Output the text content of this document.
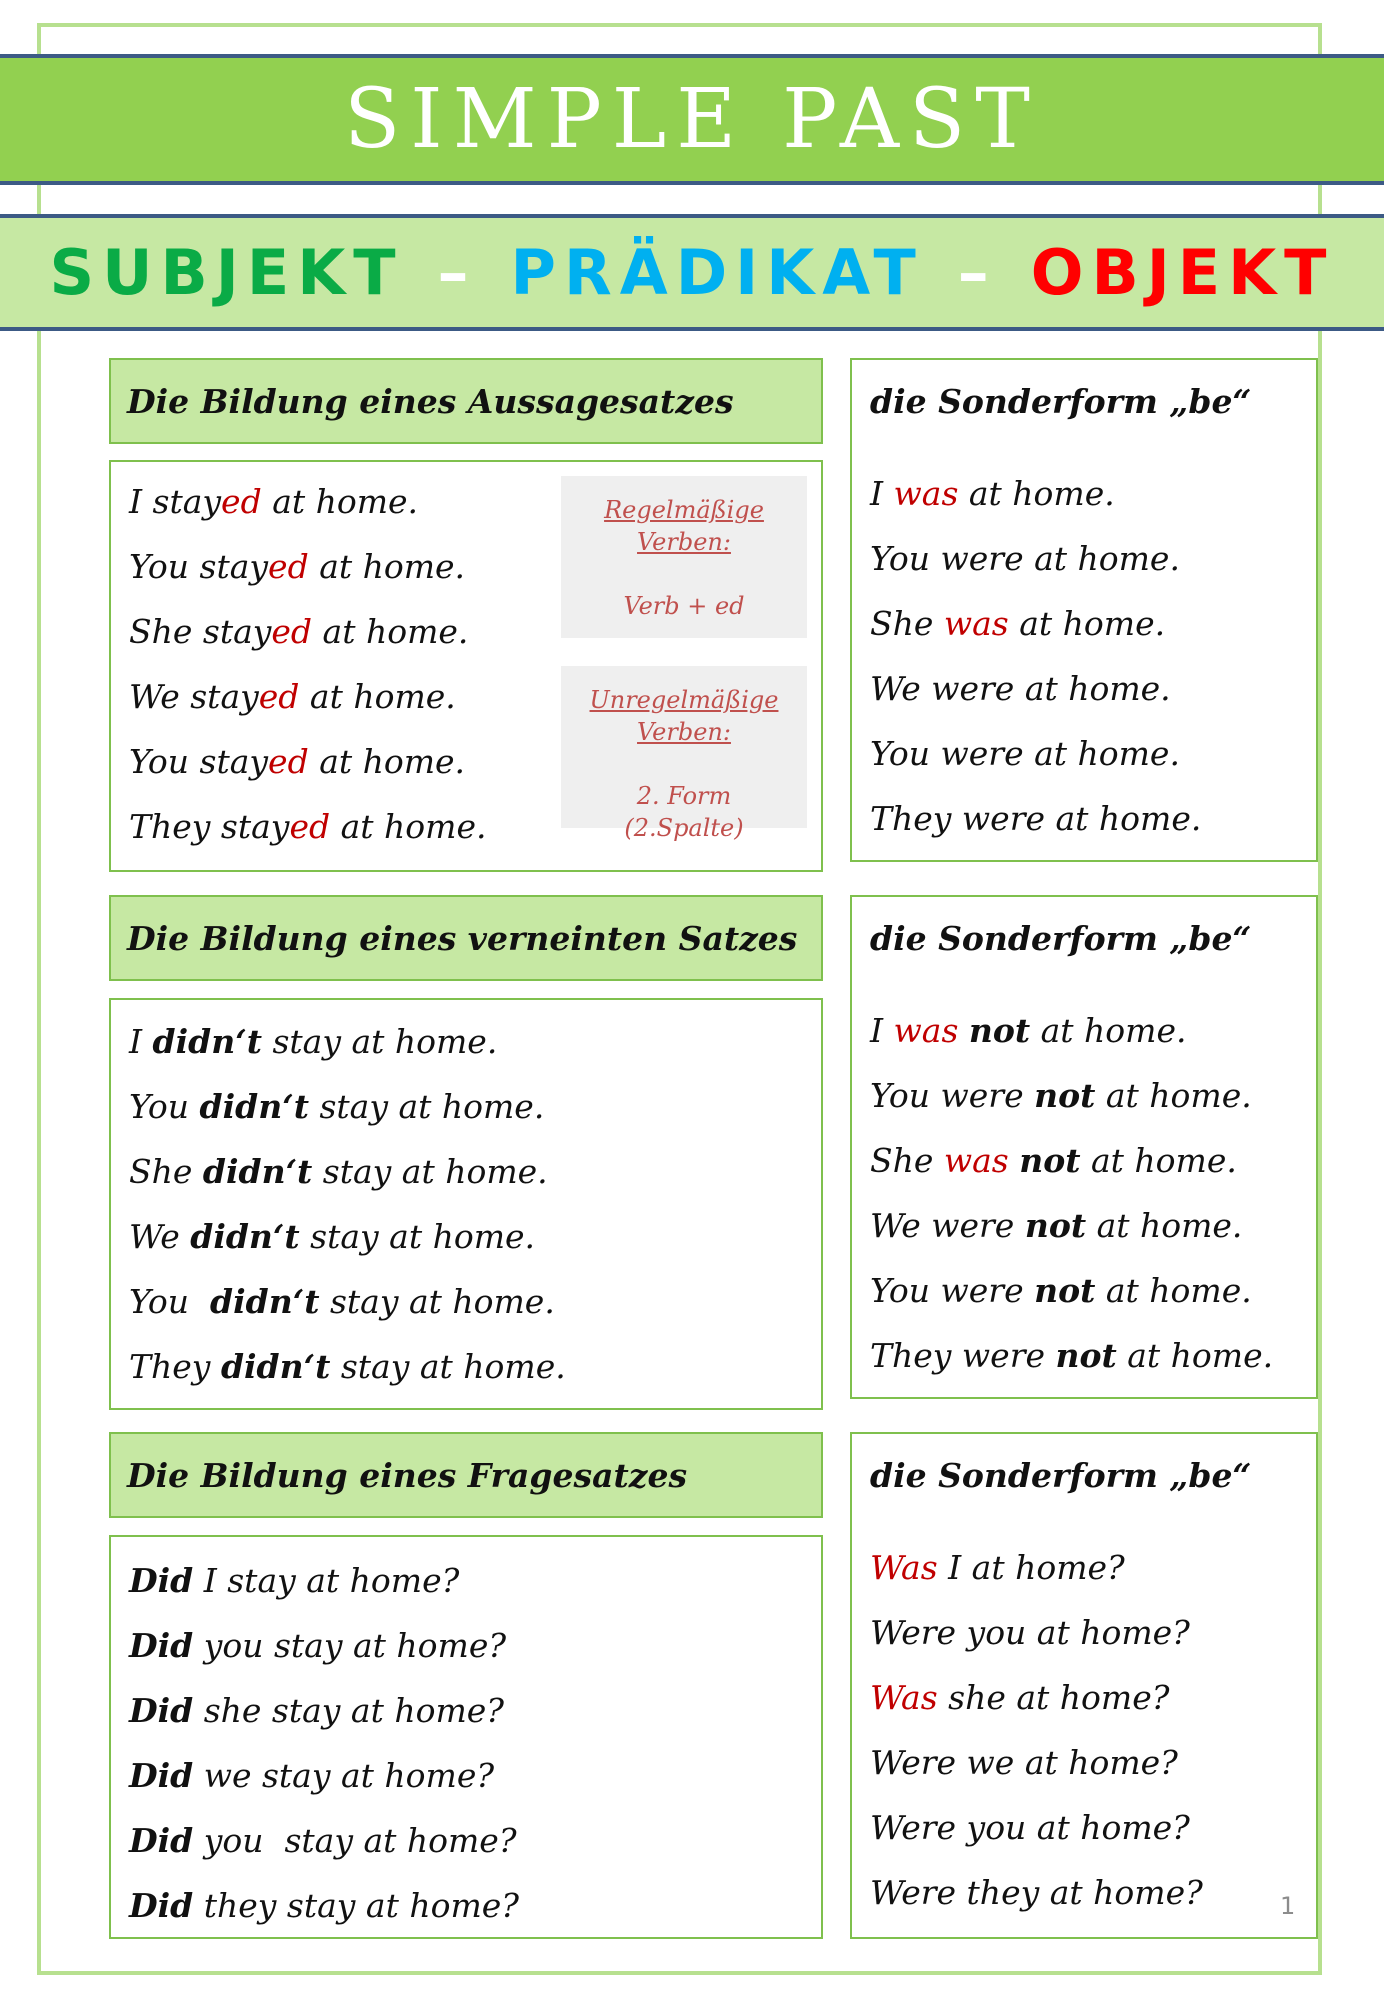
SIMPLE PAST
SUBJEKT – PRÄDIKAT – OBJEKT
Die Bildung eines Aussagesatzes
Regelmäßige
Verben:
Verb + ed
Unregelmäßige
Verben:
2. Form
(2.Spalte)
I stayed at home.
You stayed at home.
She stayed at home.
We stayed at home.
You stayed at home.
They stayed at home.
die Sonderform „be“
I was at home.
You were at home.
She was at home.
We were at home.
You were at home.
They were at home.
Die Bildung eines verneinten Satzes
I didn‘t stay at home.
You didn‘t stay at home.
She didn‘t stay at home.
We didn‘t stay at home.
You  didn‘t stay at home.
They didn‘t stay at home.
die Sonderform „be“
I was not at home.
You were not at home.
She was not at home.
We were not at home.
You were not at home.
They were not at home.
Die Bildung eines Fragesatzes
Did I stay at home?
Did you stay at home?
Did she stay at home?
Did we stay at home?
Did you  stay at home?
Did they stay at home?
die Sonderform „be“
Was I at home?
Were you at home?
Was she at home?
Were we at home?
Were you at home?
Were they at home?	1
